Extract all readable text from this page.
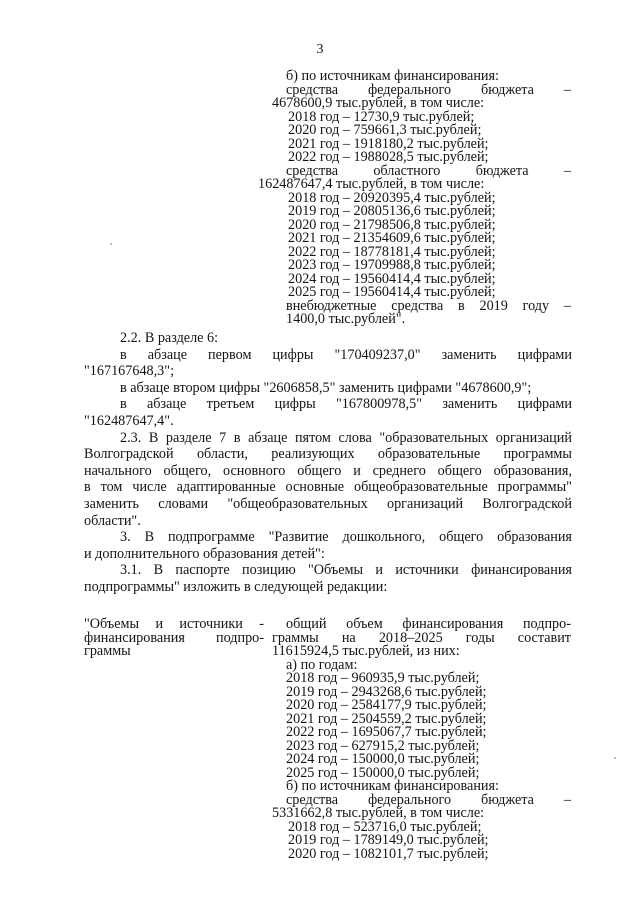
3
б) по источникам финансирования:
средства федерального бюджета –
4678600,9 тыс.рублей, в том числе:
2018 год – 12730,9 тыс.рублей;
2020 год – 759661,3 тыс.рублей;
2021 год – 1918180,2 тыс.рублей;
2022 год – 1988028,5 тыс.рублей;
средства областного бюджета –
162487647,4 тыс.рублей, в том числе:
2018 год – 20920395,4 тыс.рублей;
2019 год – 20805136,6 тыс.рублей;
2020 год – 21798506,8 тыс.рублей;
2021 год – 21354609,6 тыс.рублей;
2022 год – 18778181,4 тыс.рублей;
2023 год – 19709988,8 тыс.рублей;
2024 год – 19560414,4 тыс.рублей;
2025 год – 19560414,4 тыс.рублей;
внебюджетные средства в 2019 году –
1400,0 тыс.рублей".
2.2. В разделе 6:
в абзаце первом цифры "170409237,0" заменить цифрами
"167167648,3";
в абзаце втором цифры "2606858,5" заменить цифрами "4678600,9";
в абзаце третьем цифры "167800978,5" заменить цифрами
"162487647,4".
2.3. В разделе 7 в абзаце пятом слова "образовательных организаций
Волгоградской области, реализующих образовательные программы
начального общего, основного общего и среднего общего образования,
в том числе адаптированные основные общеобразовательные программы"
заменить словами "общеобразовательных организаций Волгоградской
области".
3. В подпрограмме "Развитие дошкольного, общего образования
и дополнительного образования детей":
3.1. В паспорте позицию "Объемы и источники финансирования
подпрограммы" изложить в следующей редакции:
"Объемы и источники -
финансирования подпро-
граммы
общий объем финансирования подпро-
граммы на 2018–2025 годы составит
11615924,5 тыс.рублей, из них:
а) по годам:
2018 год – 960935,9 тыс.рублей;
2019 год – 2943268,6 тыс.рублей;
2020 год – 2584177,9 тыс.рублей;
2021 год – 2504559,2 тыс.рублей;
2022 год – 1695067,7 тыс.рублей;
2023 год – 627915,2 тыс.рублей;
2024 год – 150000,0 тыс.рублей;
2025 год – 150000,0 тыс.рублей;
б) по источникам финансирования:
средства федерального бюджета –
5331662,8 тыс.рублей, в том числе:
2018 год – 523716,0 тыс.рублей;
2019 год – 1789149,0 тыс.рублей;
2020 год – 1082101,7 тыс.рублей;
